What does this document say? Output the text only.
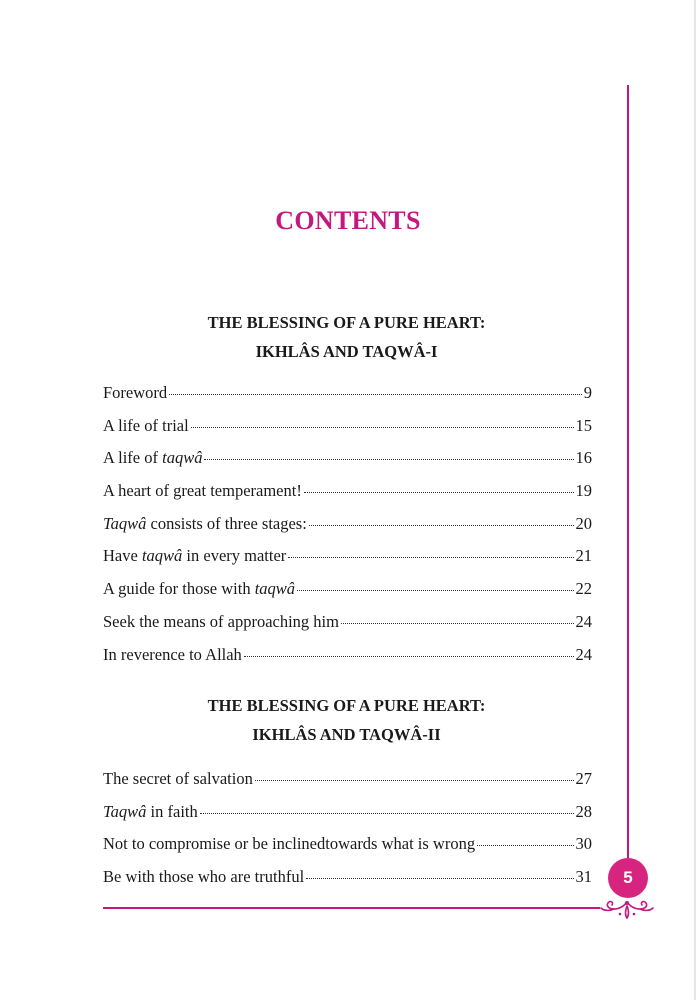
CONTENTS
THE BLESSING OF A PURE HEART:
IKHLÂS AND TAQWÂ-I
Foreword	9
A life of trial	15
A life of taqwâ	16
A heart of great temperament!	19
Taqwâ consists of three stages:	20
Have taqwâ in every matter	21
A guide for those with taqwâ	22
Seek the means of approaching him	24
In reverence to Allah	24
THE BLESSING OF A PURE HEART:
IKHLÂS AND TAQWÂ-II
The secret of salvation	27
Taqwâ in faith	28
Not to compromise or be inclinedtowards what is wrong	30
Be with those who are truthful	31	5
